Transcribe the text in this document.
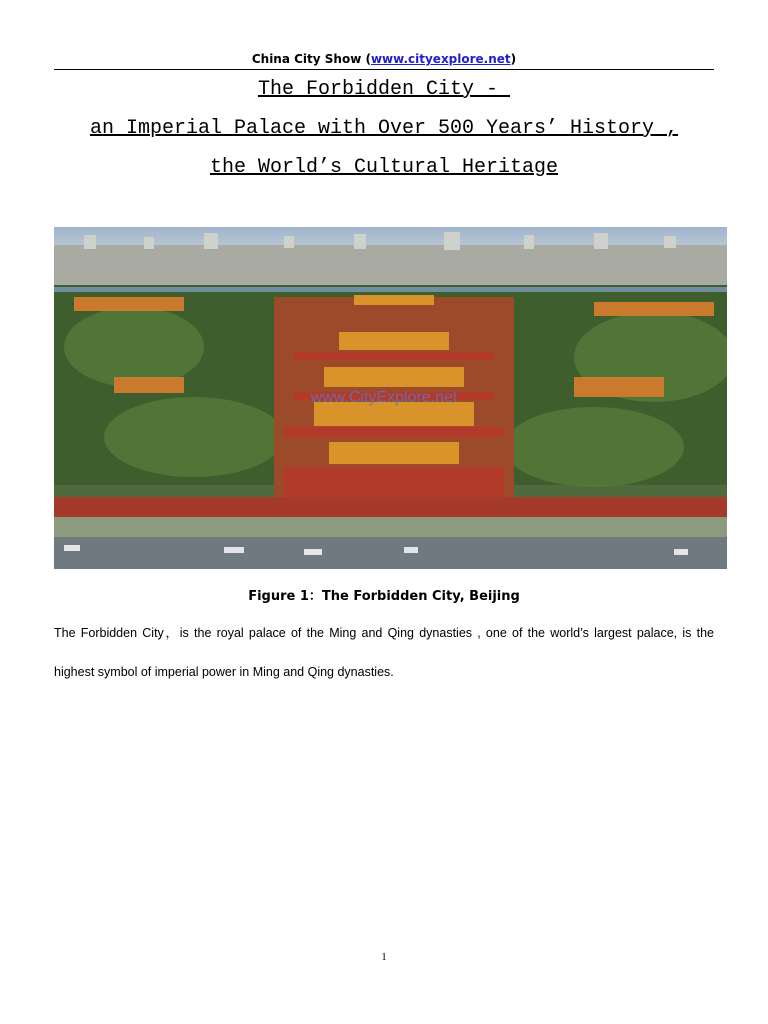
China City Show (www.cityexplore.net)
The Forbidden City -
an Imperial Palace with Over 500 Years’ History ,
the World’s Cultural Heritage
www.CityExplore.net
Figure 1：The Forbidden City, Beijing
The Forbidden City，is the royal palace of the Ming and Qing dynasties , one of the world’s largest palace, is the highest symbol of imperial power in Ming and Qing dynasties.
1
